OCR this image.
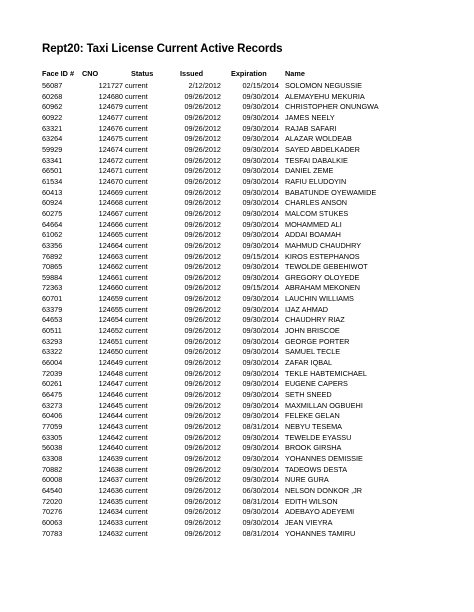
Rept20: Taxi License Current Active Records
Face ID #	CNO	Status	Issued	Expiration	Name
56087	121727	current	2/12/2012	02/15/2014	SOLOMON NEGUSSIE
60268	124680	current	09/26/2012	09/30/2014	ALEMAYEHU MEKURIA
60962	124679	current	09/26/2012	09/30/2014	CHRISTOPHER ONUNGWA
60922	124677	current	09/26/2012	09/30/2014	JAMES NEELY
63321	124676	current	09/26/2012	09/30/2014	RAJAB SAFARI
63264	124675	current	09/26/2012	09/30/2014	ALAZAR WOLDEAB
59929	124674	current	09/26/2012	09/30/2014	SAYED ABDELKADER
63341	124672	current	09/26/2012	09/30/2014	TESFAI DABALKIE
66501	124671	current	09/26/2012	09/30/2014	DANIEL ZEME
61534	124670	current	09/26/2012	09/30/2014	RAFIU ELUDOYIN
60413	124669	current	09/26/2012	09/30/2014	BABATUNDE OYEWAMIDE
60924	124668	current	09/26/2012	09/30/2014	CHARLES ANSON
60275	124667	current	09/26/2012	09/30/2014	MALCOM STUKES
64664	124666	current	09/26/2012	09/30/2014	MOHAMMED ALI
61062	124665	current	09/26/2012	09/30/2014	ADDAI BOAMAH
63356	124664	current	09/26/2012	09/30/2014	MAHMUD CHAUDHRY
76892	124663	current	09/26/2012	09/15/2014	KIROS ESTEPHANOS
70865	124662	current	09/26/2012	09/30/2014	TEWOLDE GEBEHIWOT
59884	124661	current	09/26/2012	09/30/2014	GREGORY OLOYEDE
72363	124660	current	09/26/2012	09/15/2014	ABRAHAM MEKONEN
60701	124659	current	09/26/2012	09/30/2014	LAUCHIN WILLIAMS
63379	124655	current	09/26/2012	09/30/2014	IJAZ AHMAD
64653	124654	current	09/26/2012	09/30/2014	CHAUDHRY RIAZ
60511	124652	current	09/26/2012	09/30/2014	JOHN BRISCOE
63293	124651	current	09/26/2012	09/30/2014	GEORGE PORTER
63322	124650	current	09/26/2012	09/30/2014	SAMUEL TECLE
66004	124649	current	09/26/2012	09/30/2014	ZAFAR IQBAL
72039	124648	current	09/26/2012	09/30/2014	TEKLE HABTEMICHAEL
60261	124647	current	09/26/2012	09/30/2014	EUGENE CAPERS
66475	124646	current	09/26/2012	09/30/2014	SETH SNEED
63273	124645	current	09/26/2012	09/30/2014	MAXMILLAN OGBUEHI
60406	124644	current	09/26/2012	09/30/2014	FELEKE GELAN
77059	124643	current	09/26/2012	08/31/2014	NEBYU TESEMA
63305	124642	current	09/26/2012	09/30/2014	TEWELDE EYASSU
56038	124640	current	09/26/2012	09/30/2014	BROOK GIRSHA
63308	124639	current	09/26/2012	09/30/2014	YOHANNES DEMISSIE
70882	124638	current	09/26/2012	09/30/2014	TADEOWS DESTA
60008	124637	current	09/26/2012	09/30/2014	NURE GURA
64540	124636	current	09/26/2012	06/30/2014	NELSON DONKOR ,JR
72020	124635	current	09/26/2012	08/31/2014	EDITH WILSON
70276	124634	current	09/26/2012	09/30/2014	ADEBAYO ADEYEMI
60063	124633	current	09/26/2012	09/30/2014	JEAN VIEYRA
70783	124632	current	09/26/2012	08/31/2014	YOHANNES TAMIRU
